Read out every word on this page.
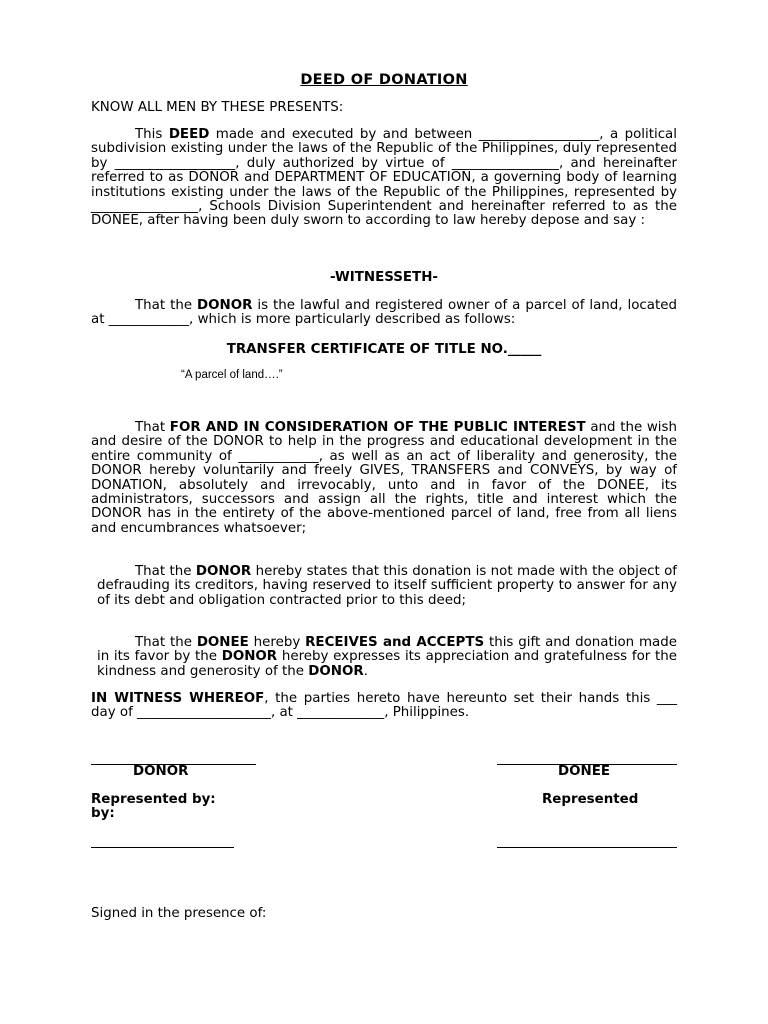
DEED OF DONATION
KNOW ALL MEN BY THESE PRESENTS:
This DEED made and executed by and between __________________, a political subdivision existing under the laws of the Republic of the Philippines, duly represented by __________________, duly authorized by virtue of ________________, and hereinafter referred to as DONOR and DEPARTMENT OF EDUCATION, a governing body of learning institutions existing under the laws of the Republic of the Philippines, represented by ________________, Schools Division Superintendent and hereinafter referred to as the DONEE, after having been duly sworn to according to law hereby depose and say :
-WITNESSETH-
That the DONOR is the lawful and registered owner of a parcel of land, located at ____________, which is more particularly described as follows:
TRANSFER CERTIFICATE OF TITLE NO._____
“A parcel of land….”
That FOR AND IN CONSIDERATION OF THE PUBLIC INTEREST and the wish and desire of the DONOR to help in the progress and educational development in the entire community of ____________, as well as an act of liberality and generosity, the DONOR hereby voluntarily and freely GIVES, TRANSFERS and CONVEYS, by way of DONATION, absolutely and irrevocably, unto and in favor of the DONEE, its administrators, successors and assign all the rights, title and interest which the DONOR has in the entirety of the above-mentioned parcel of land, free from all liens and encumbrances whatsoever;
That the DONOR hereby states that this donation is not made with the object of defrauding its creditors, having reserved to itself sufficient property to answer for any of its debt and obligation contracted prior to this deed;
That the DONEE hereby RECEIVES and ACCEPTS this gift and donation made in its favor by the DONOR hereby expresses its appreciation and gratefulness for the kindness and generosity of the DONOR.
IN WITNESS WHEREOF, the parties hereto have hereunto set their hands this ___ day of ____________________, at _____________, Philippines.
DONOR	DONEE
Represented by:	Represented
by:
Signed in the presence of:
